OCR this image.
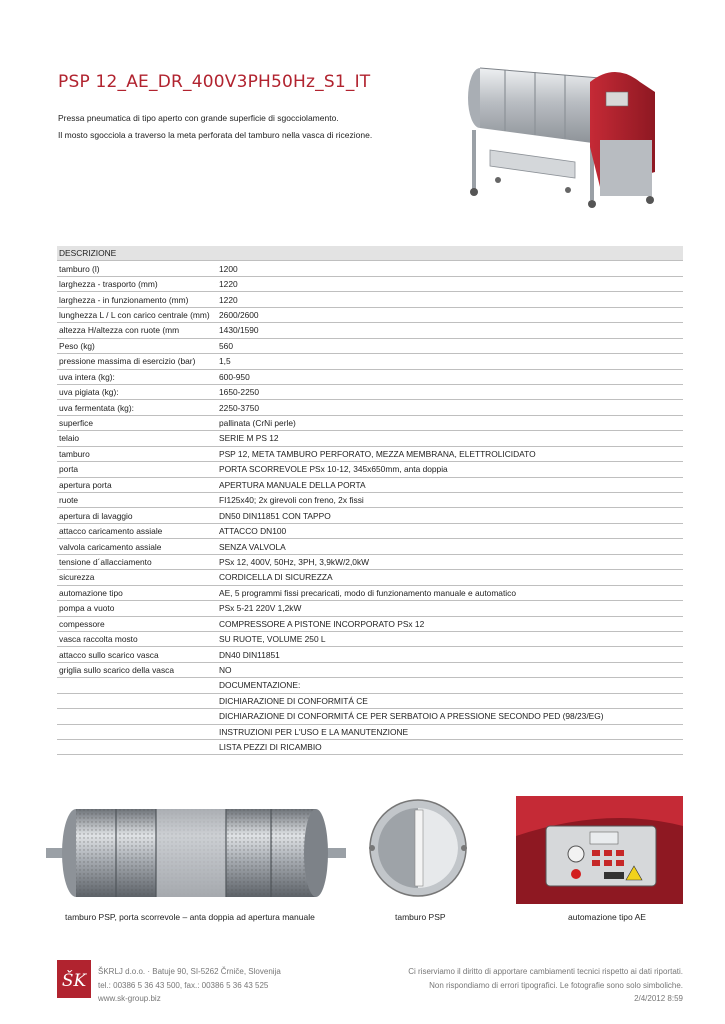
PSP 12_AE_DR_400V3PH50Hz_S1_IT

Pressa pneumatica di tipo aperto con grande superficie di sgocciolamento.

Il mosto sgocciola a traverso la meta perforata del tamburo nella vasca di ricezione.

DESCRIZIONE	
tamburo (l)	1200
larghezza - trasporto (mm)	1220
larghezza - in funzionamento (mm)	1220
lunghezza L / L con carico centrale (mm)	2600/2600
altezza H/altezza con ruote (mm	1430/1590
Peso (kg)	560
pressione massima di esercizio (bar)	1,5
uva intera (kg):	600-950
uva pigiata (kg):	1650-2250
uva fermentata (kg):	2250-3750
superfice	pallinata (CrNi perle)
telaio	SERIE M PS 12
tamburo	PSP 12, META TAMBURO PERFORATO, MEZZA MEMBRANA, ELETTROLICIDATO
porta	PORTA SCORREVOLE PSx 10-12, 345x650mm, anta doppia
apertura porta	APERTURA MANUALE DELLA PORTA
ruote	FI125x40; 2x girevoli con freno, 2x fissi
apertura di lavaggio	DN50 DIN11851 CON TAPPO
attacco caricamento assiale	ATTACCO DN100
valvola caricamento assiale	SENZA VALVOLA
tensione d´allacciamento	PSx 12, 400V, 50Hz, 3PH, 3,9kW/2,0kW
sicurezza	CORDICELLA DI SICUREZZA
automazione tipo	AE, 5 programmi fissi precaricati, modo di funzionamento manuale e automatico
pompa a vuoto	PSx 5-21 220V 1,2kW
compessore	COMPRESSORE A PISTONE INCORPORATO PSx 12
vasca raccolta mosto	SU RUOTE, VOLUME 250 L
attacco sullo scarico vasca	DN40 DIN11851
griglia sullo scarico della vasca	NO
	DOCUMENTAZIONE:
	DICHIARAZIONE DI CONFORMITÁ CE
	DICHIARAZIONE DI CONFORMITÁ CE PER SERBATOIO A PRESSIONE SECONDO PED (98/23/EG)
	INSTRUZIONI PER L'USO E LA MANUTENZIONE
	LISTA PEZZI DI RICAMBIO
tamburo PSP, porta scorrevole – anta doppia ad apertura manuale	tamburo PSP	automazione tipo AE
ŠK ŠKRLJ d.o.o. · Batuje 90, SI-5262 Črniče, Slovenija

tel.: 00386 5 36 43 500, fax.: 00386 5 36 43 525

www.sk-group.biz

Ci riserviamo il diritto di apportare cambiamenti tecnici rispetto ai dati riportati.

Non rispondiamo di errori tipografici. Le fotografie sono solo simboliche.

2/4/2012 8:59
